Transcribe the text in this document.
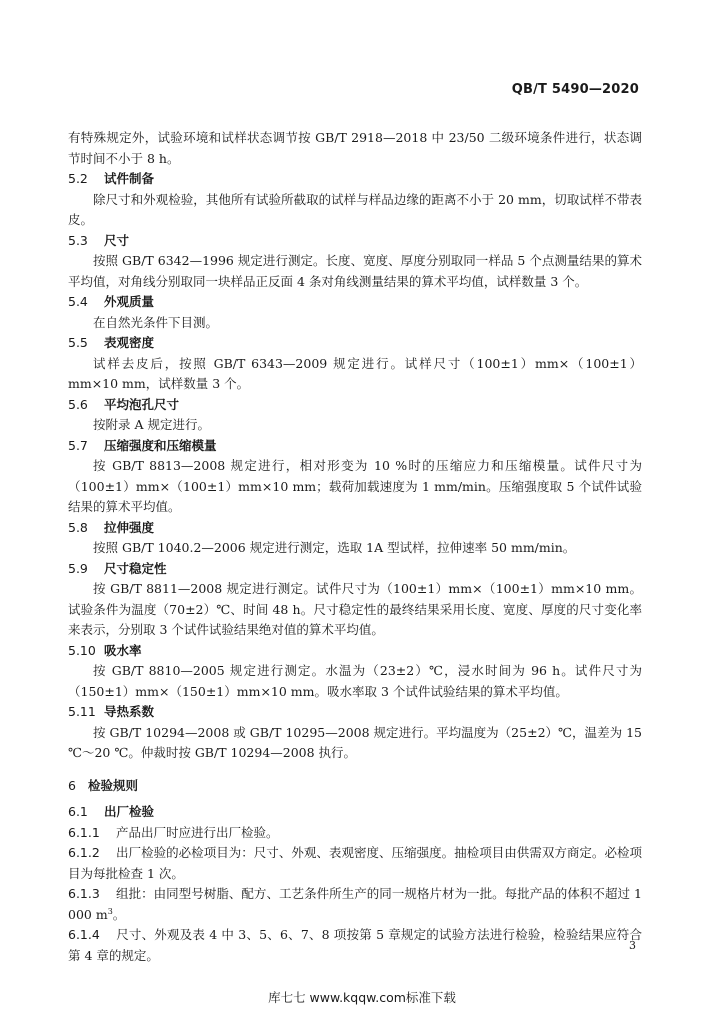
QB/T 5490—2020

有特殊规定外，试验环境和试样状态调节按 GB/T 2918—2018 中 23/50 二级环境条件进行，状态调节时间不小于 8 h。

5.2 试件制备

除尺寸和外观检验，其他所有试验所截取的试样与样品边缘的距离不小于 20 mm，切取试样不带表皮。

5.3 尺寸

按照 GB/T 6342—1996 规定进行测定。长度、宽度、厚度分别取同一样品 5 个点测量结果的算术平均值，对角线分别取同一块样品正反面 4 条对角线测量结果的算术平均值，试样数量 3 个。

5.4 外观质量

在自然光条件下目测。

5.5 表观密度

试样去皮后，按照 GB/T 6343—2009 规定进行。试样尺寸（100±1）mm×（100±1）mm×10 mm，试样数量 3 个。

5.6 平均泡孔尺寸

按附录 A 规定进行。

5.7 压缩强度和压缩模量

按 GB/T 8813—2008 规定进行，相对形变为 10 %时的压缩应力和压缩模量。试件尺寸为（100±1）mm×（100±1）mm×10 mm；载荷加载速度为 1 mm/min。压缩强度取 5 个试件试验结果的算术平均值。

5.8 拉伸强度

按照 GB/T 1040.2—2006 规定进行测定，选取 1A 型试样，拉伸速率 50 mm/min。

5.9 尺寸稳定性

按 GB/T 8811—2008 规定进行测定。试件尺寸为（100±1）mm×（100±1）mm×10 mm。试验条件为温度（70±2）℃、时间 48 h。尺寸稳定性的最终结果采用长度、宽度、厚度的尺寸变化率来表示，分别取 3 个试件试验结果绝对值的算术平均值。

5.10 吸水率

按 GB/T 8810—2005 规定进行测定。水温为（23±2）℃，浸水时间为 96 h。试件尺寸为（150±1）mm×（150±1）mm×10 mm。吸水率取 3 个试件试验结果的算术平均值。

5.11 导热系数

按 GB/T 10294—2008 或 GB/T 10295—2008 规定进行。平均温度为（25±2）℃，温差为 15 ℃～20 ℃。仲裁时按 GB/T 10294—2008 执行。

6 检验规则

6.1 出厂检验

6.1.1 产品出厂时应进行出厂检验。

6.1.2 出厂检验的必检项目为：尺寸、外观、表观密度、压缩强度。抽检项目由供需双方商定。必检项目为每批检查 1 次。

6.1.3 组批：由同型号树脂、配方、工艺条件所生产的同一规格片材为一批。每批产品的体积不超过 1 000 $m^3$。

6.1.4 尺寸、外观及表 4 中 3、5、6、7、8 项按第 5 章规定的试验方法进行检验，检验结果应符合第 4 章的规定。

3
库七七 www.kqqw.com标准下载
